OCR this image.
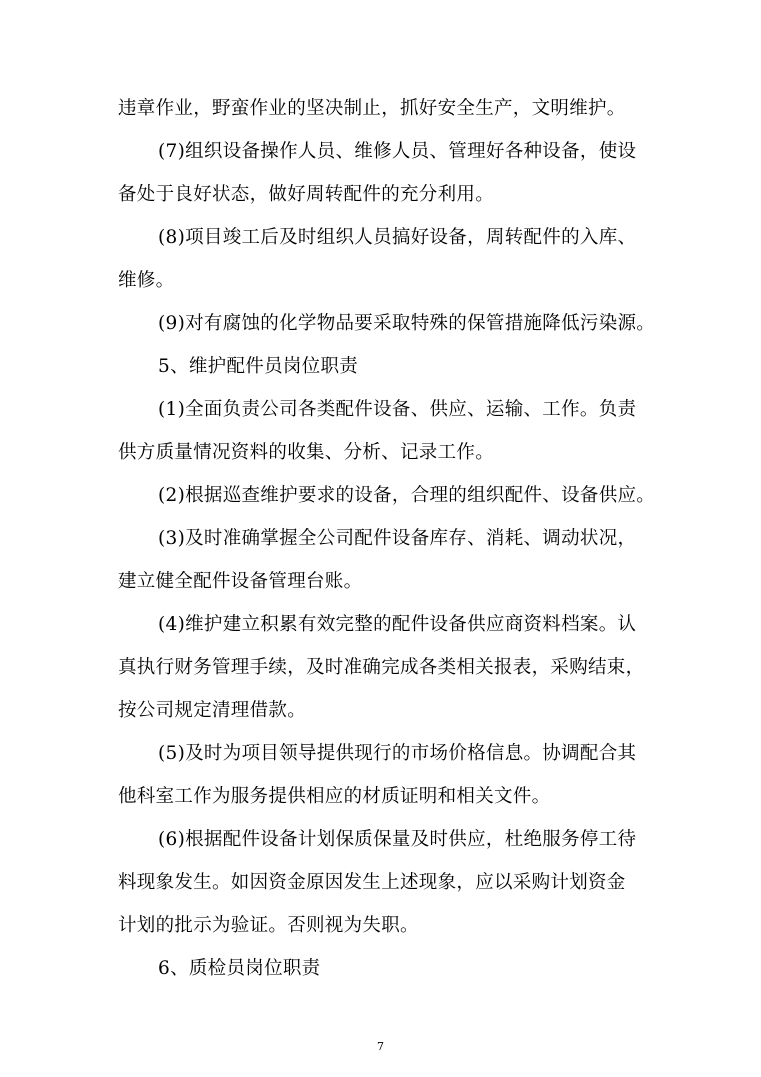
违章作业，野蛮作业的坚决制止，抓好安全生产，文明维护。
(7)组织设备操作人员、维修人员、管理好各种设备，使设
备处于良好状态，做好周转配件的充分利用。
(8)项目竣工后及时组织人员搞好设备，周转配件的入库、
维修。
(9)对有腐蚀的化学物品要采取特殊的保管措施降低污染源。
5、维护配件员岗位职责
(1)全面负责公司各类配件设备、供应、运输、工作。负责
供方质量情况资料的收集、分析、记录工作。
(2)根据巡查维护要求的设备，合理的组织配件、设备供应。
(3)及时准确掌握全公司配件设备库存、消耗、调动状况，
建立健全配件设备管理台账。
(4)维护建立积累有效完整的配件设备供应商资料档案。认
真执行财务管理手续，及时准确完成各类相关报表，采购结束，
按公司规定清理借款。
(5)及时为项目领导提供现行的市场价格信息。协调配合其
他科室工作为服务提供相应的材质证明和相关文件。
(6)根据配件设备计划保质保量及时供应，杜绝服务停工待
料现象发生。如因资金原因发生上述现象，应以采购计划资金
计划的批示为验证。否则视为失职。
6、质检员岗位职责
7
